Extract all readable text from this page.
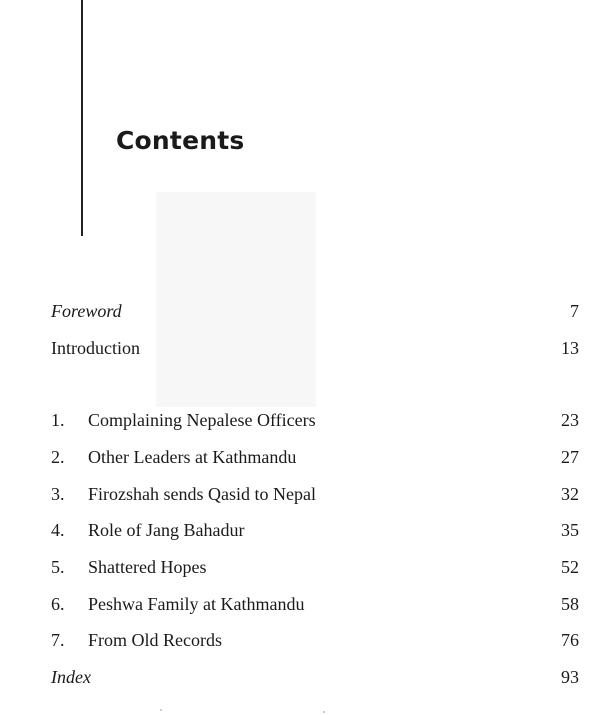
Contents
Foreword	7
Introduction	13
1. Complaining Nepalese Officers	23
2. Other Leaders at Kathmandu	27
3. Firozshah sends Qasid to Nepal	32
4. Role of Jang Bahadur	35
5. Shattered Hopes	52
6. Peshwa Family at Kathmandu	58
7. From Old Records	76
Index	93
